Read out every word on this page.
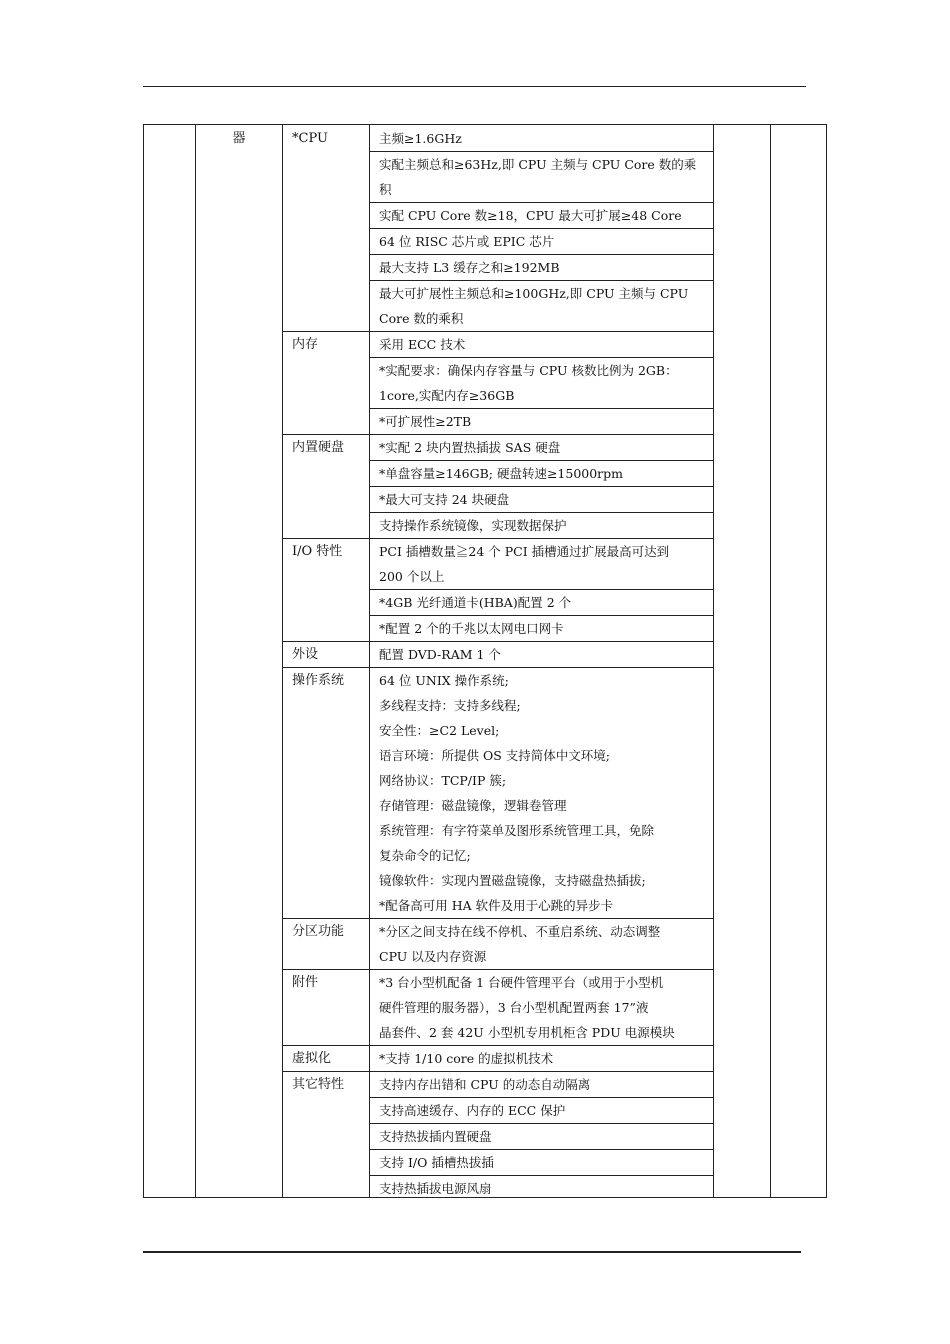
器	*CPU	主频≥1.6GHz
实配主频总和≥63Hz,即 CPU 主频与 CPU Core 数的乘
积
实配 CPU Core 数≥18，CPU 最大可扩展≥48 Core
64 位 RISC 芯片或 EPIC 芯片
最大支持 L3 缓存之和≥192MB
最大可扩展性主频总和≥100GHz,即 CPU 主频与 CPU
Core 数的乘积
内存	采用 ECC 技术
*实配要求：确保内存容量与 CPU 核数比例为 2GB：
1core,实配内存≥36GB
*可扩展性≥2TB
内置硬盘	*实配 2 块内置热插拔 SAS 硬盘
*单盘容量≥146GB; 硬盘转速≥15000rpm
*最大可支持 24 块硬盘
支持操作系统镜像，实现数据保护
I/O 特性	PCI 插槽数量≧24 个 PCI 插槽通过扩展最高可达到
200 个以上
*4GB 光纤通道卡(HBA)配置 2 个
*配置 2 个的千兆以太网电口网卡
外设	配置 DVD-RAM 1 个
操作系统	64 位 UNIX 操作系统;
多线程支持：支持多线程;
安全性：≥C2 Level;
语言环境：所提供 OS 支持简体中文环境;
网络协议：TCP/IP 簇;
存储管理：磁盘镜像，逻辑卷管理
系统管理：有字符菜单及图形系统管理工具，免除
复杂命令的记忆;
镜像软件：实现内置磁盘镜像，支持磁盘热插拔;
*配备高可用 HA 软件及用于心跳的异步卡
分区功能	*分区之间支持在线不停机、不重启系统、动态调整
CPU 以及内存资源
附件	*3 台小型机配备 1 台硬件管理平台（或用于小型机
硬件管理的服务器），3 台小型机配置两套 17”液
晶套件、2 套 42U 小型机专用机柜含 PDU 电源模块
虚拟化	*支持 1/10 core 的虚拟机技术
其它特性	支持内存出错和 CPU 的动态自动隔离
支持高速缓存、内存的 ECC 保护
支持热拔插内置硬盘
支持 I/O 插槽热拔插
支持热插拔电源风扇
